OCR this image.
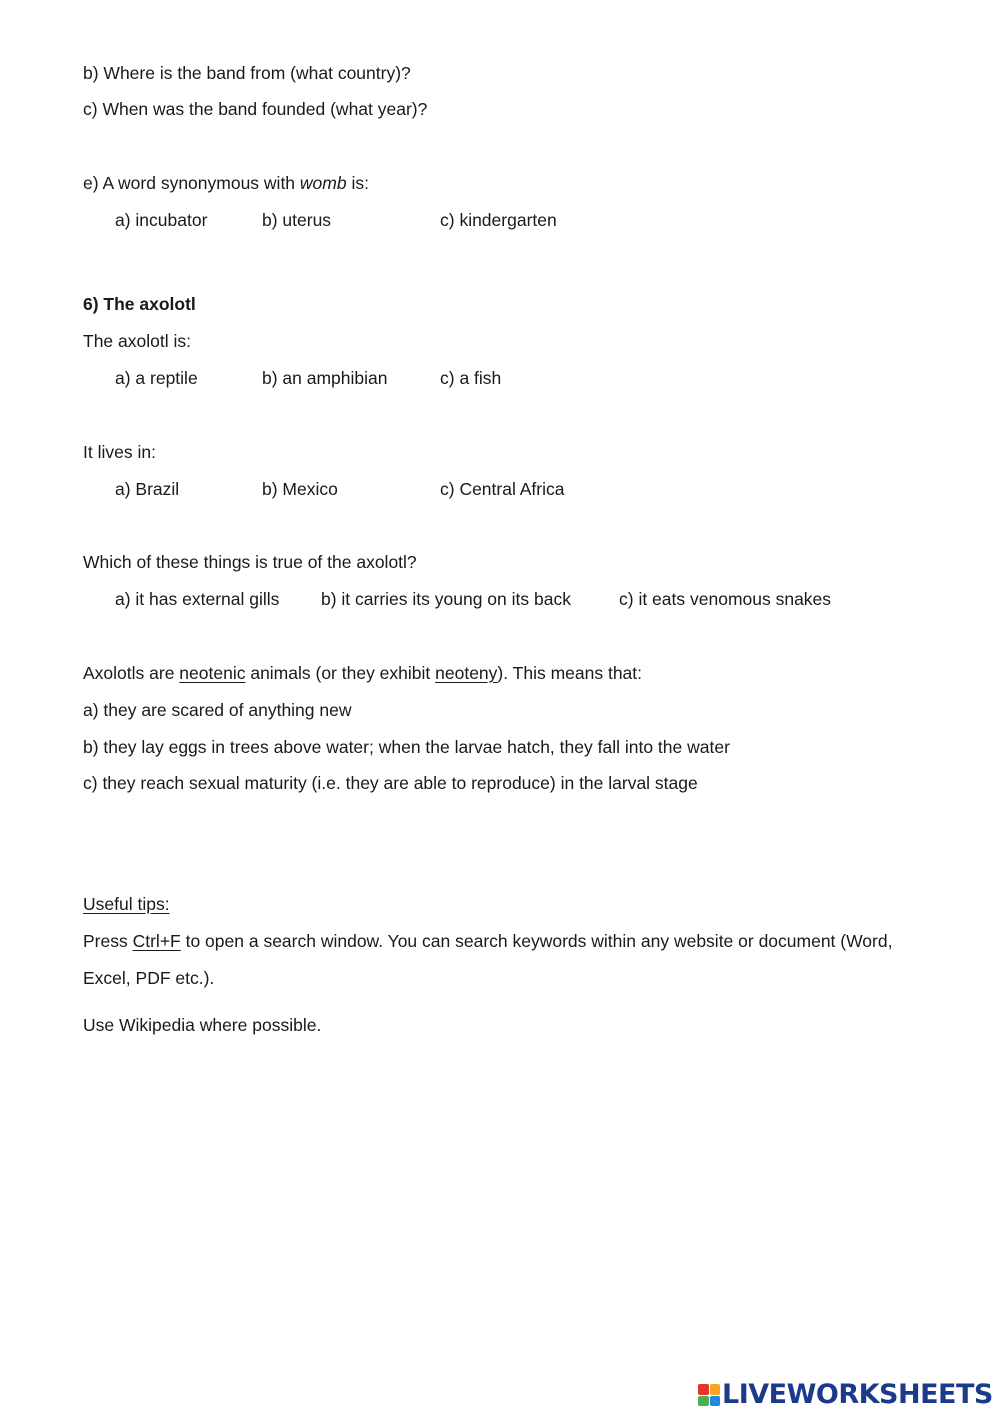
b) Where is the band from (what country)?
c) When was the band founded (what year)?
e) A word synonymous with womb is:
a) incubator	b) uterus	c) kindergarten
6) The axolotl
The axolotl is:
a) a reptile	b) an amphibian	c) a fish
It lives in:
a) Brazil	b) Mexico	c) Central Africa
Which of these things is true of the axolotl?
a) it has external gills b) it carries its young on its back	c) it eats venomous snakes
Axolotls are neotenic animals (or they exhibit neoteny). This means that:
a) they are scared of anything new
b) they lay eggs in trees above water; when the larvae hatch, they fall into the water
c) they reach sexual maturity (i.e. they are able to reproduce) in the larval stage
Useful tips:
Press Ctrl+F to open a search window. You can search keywords within any website or document (Word,
Excel, PDF etc.).
Use Wikipedia where possible.
LIVEWORKSHEETS
